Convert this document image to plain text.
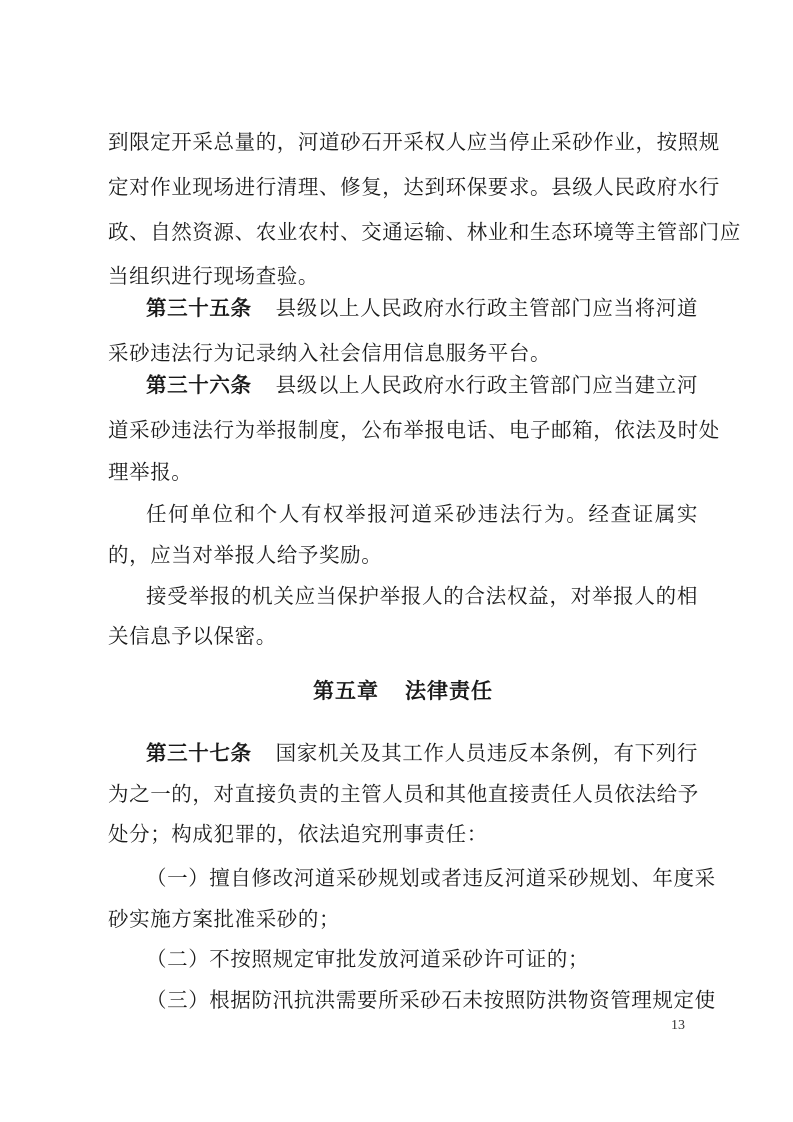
到限定开采总量的，河道砂石开采权人应当停止采砂作业，按照规
定对作业现场进行清理、修复，达到环保要求。县级人民政府水行
政、自然资源、农业农村、交通运输、林业和生态环境等主管部门应
当组织进行现场查验。
第三十五条 县级以上人民政府水行政主管部门应当将河道
采砂违法行为记录纳入社会信用信息服务平台。
第三十六条 县级以上人民政府水行政主管部门应当建立河
道采砂违法行为举报制度，公布举报电话、电子邮箱，依法及时处
理举报。
任何单位和个人有权举报河道采砂违法行为。经查证属实
的，应当对举报人给予奖励。
接受举报的机关应当保护举报人的合法权益，对举报人的相
关信息予以保密。
第五章 法律责任
第三十七条 国家机关及其工作人员违反本条例，有下列行
为之一的，对直接负责的主管人员和其他直接责任人员依法给予
处分；构成犯罪的，依法追究刑事责任：
（一）擅自修改河道采砂规划或者违反河道采砂规划、年度采
砂实施方案批准采砂的；
（二）不按照规定审批发放河道采砂许可证的；
（三）根据防汛抗洪需要所采砂石未按照防洪物资管理规定使
13
